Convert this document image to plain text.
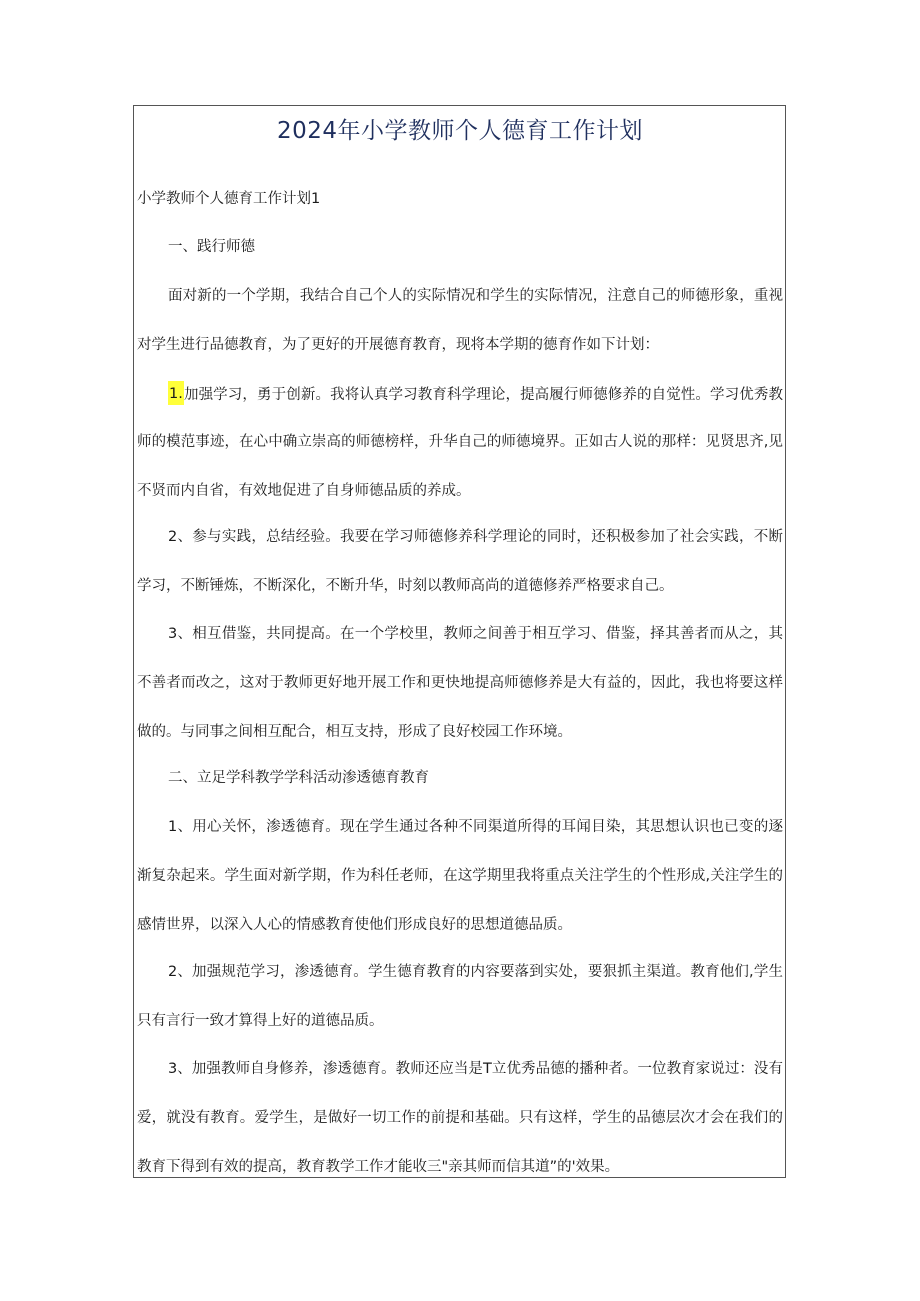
2024年小学教师个人德育工作计划
小学教师个人德育工作计划1
一、践行师德
面对新的一个学期，我结合自己个人的实际情况和学生的实际情况，注意自己的师德形象，重视
对学生进行品德教育，为了更好的开展德育教育，现将本学期的德育作如下计划：
1.加强学习，勇于创新。我将认真学习教育科学理论，提高履行师德修养的自觉性。学习优秀教
师的模范事迹，在心中确立崇高的师德榜样，升华自己的师德境界。正如古人说的那样：见贤思齐,见
不贤而内自省，有效地促进了自身师德品质的养成。
2、参与实践，总结经验。我要在学习师德修养科学理论的同时，还积极参加了社会实践，不断
学习，不断锤炼，不断深化，不断升华，时刻以教师高尚的道德修养严格要求自己。
3、相互借鉴，共同提高。在一个学校里，教师之间善于相互学习、借鉴，择其善者而从之，其
不善者而改之，这对于教师更好地开展工作和更快地提高师德修养是大有益的，因此，我也将要这样
做的。与同事之间相互配合，相互支持，形成了良好校园工作环境。
二、立足学科教学学科活动渗透德育教育
1、用心关怀，渗透德育。现在学生通过各种不同渠道所得的耳闻目染，其思想认识也已变的逐
渐复杂起来。学生面对新学期，作为科任老师，在这学期里我将重点关注学生的个性形成,关注学生的
感情世界，以深入人心的情感教育使他们形成良好的思想道德品质。
2、加强规范学习，渗透德育。学生德育教育的内容要落到实处，要狠抓主渠道。教育他们,学生
只有言行一致才算得上好的道德品质。
3、加强教师自身修养，渗透德育。教师还应当是T立优秀品德的播种者。一位教育家说过：没有
爱，就没有教育。爱学生，是做好一切工作的前提和基础。只有这样，学生的品德层次才会在我们的
教育下得到有效的提高，教育教学工作才能收三"亲其师而信其道”的'效果。
